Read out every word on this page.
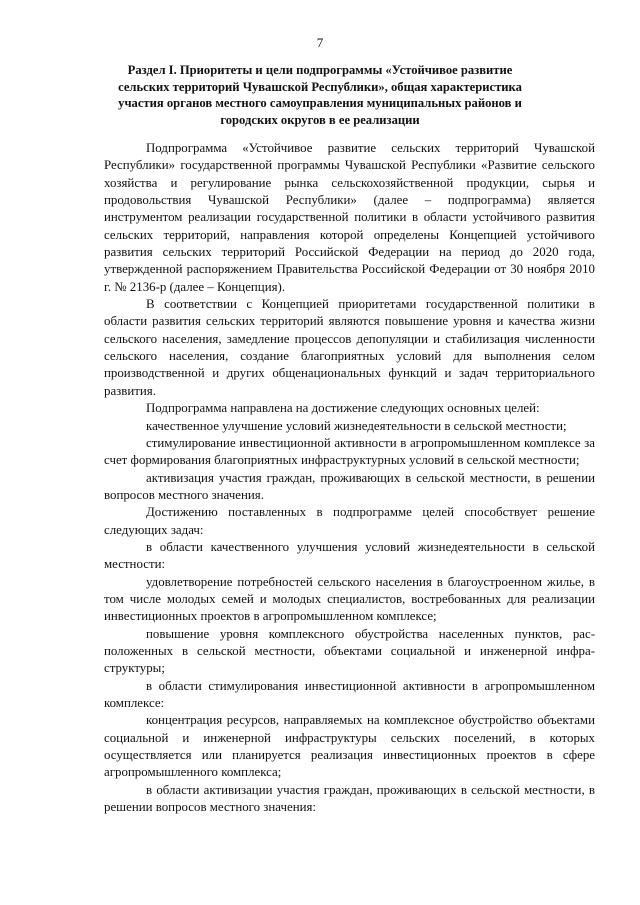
7
Раздел I. Приоритеты и цели подпрограммы «Устойчивое развитие сельских территорий Чувашской Республики», общая характеристика участия органов местного самоуправления муниципальных районов и городских округов в ее реализации

Подпрограмма «Устойчивое развитие сельских территорий Чувашской Республики» государственной программы Чувашской Республики «Развитие сельского хозяйства и регулирование рынка сельскохозяйственной продукции, сырья и продовольствия Чувашской Республики» (далее – подпрограмма) является инструментом реализации государственной политики в области устойчивого развития сельских территорий, направления которой определены Концепцией устойчивого развития сельских территорий Российской Федерации на период до 2020 года, утвержденной распоряжением Правительства Российской Федерации от 30 ноября 2010 г. № 2136-р (далее – Концепция).

В соответствии с Концепцией приоритетами государственной политики в области развития сельских территорий являются повышение уровня и качества жизни сельского населения, замедление процессов депопуляции и стабилизация численности сельского населения, создание благоприятных условий для выполнения селом производственной и других общенациональных функций и задач территориального развития.

Подпрограмма направлена на достижение следующих основных целей:

качественное улучшение условий жизнедеятельности в сельской местности;

стимулирование инвестиционной активности в агропромышленном комплексе за счет формирования благоприятных инфраструктурных условий в сельской местности;

активизация участия граждан, проживающих в сельской местности, в решении вопросов местного значения.

Достижению поставленных в подпрограмме целей способствует решение следующих задач:

в области качественного улучшения условий жизнедеятельности в сельской местности:

удовлетворение потребностей сельского населения в благоустроенном жилье, в том числе молодых семей и молодых специалистов, востребованных для реализации инвестиционных проектов в агропромышленном комплексе;

повышение уровня комплексного обустройства населенных пунктов, расположенных в сельской местности, объектами социальной и инженерной инфраструктуры;

в области стимулирования инвестиционной активности в агропромышленном комплексе:

концентрация ресурсов, направляемых на комплексное обустройство объектами социальной и инженерной инфраструктуры сельских поселений, в которых осуществляется или планируется реализация инвестиционных проектов в сфере агропромышленного комплекса;

в области активизации участия граждан, проживающих в сельской местности, в решении вопросов местного значения:
